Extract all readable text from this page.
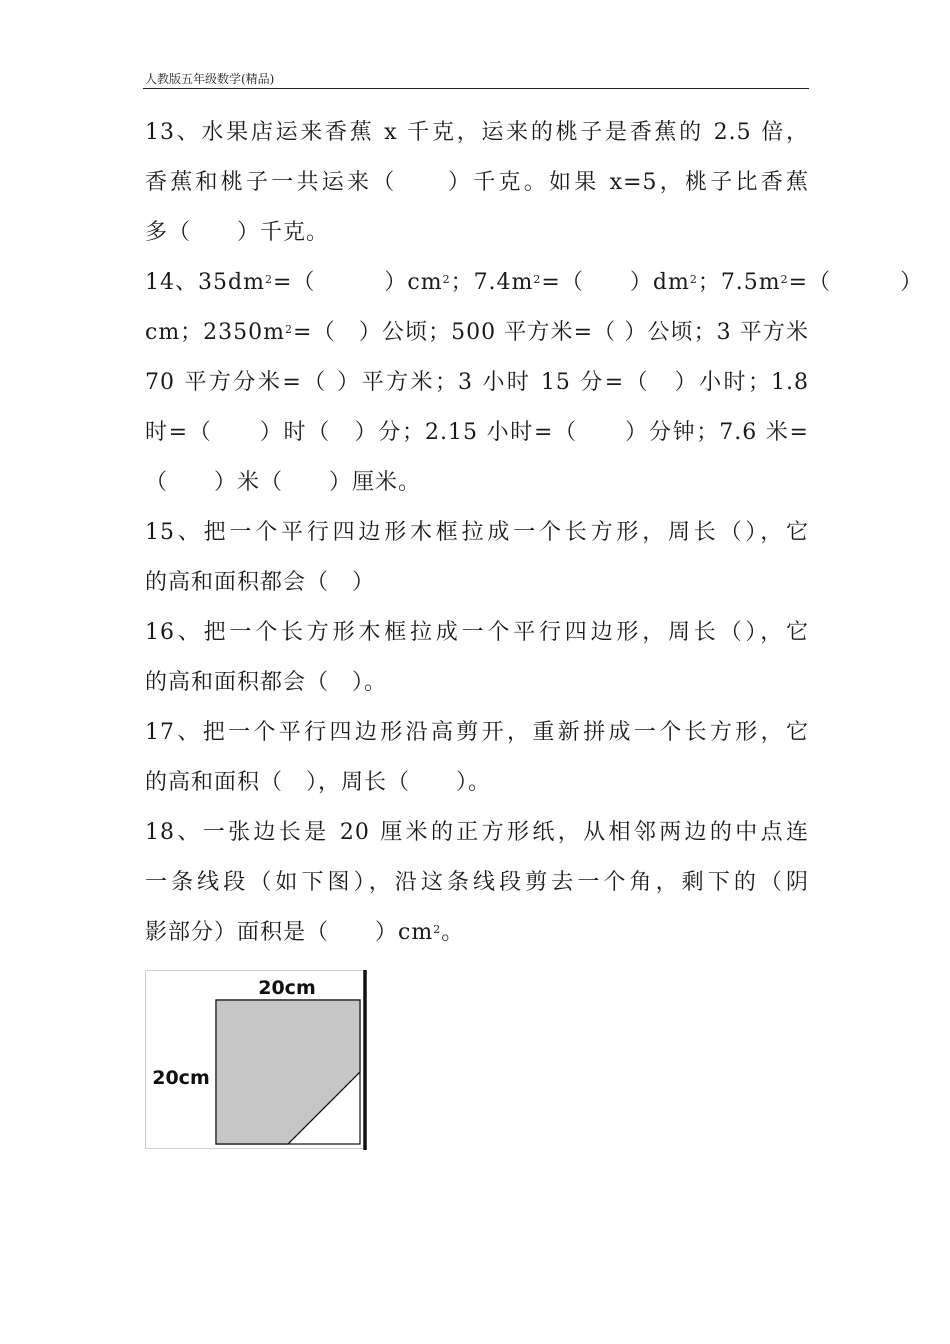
人教版五年级数学(精品)
13、水果店运来香蕉 x 千克，运来的桃子是香蕉的 2.5 倍，
香蕉和桃子一共运来（　　）千克。如果 x=5，桃子比香蕉
多（　　）千克。
14、$35dm^2=$（　　　）$cm^2$；$7.4m^2=$（　　）$dm^2$；$7.5m^2=$（　　　）
cm；$2350m^2=$（　）公顷；500 平方米=（ ）公顷；3 平方米
70 平方分米=（ ）平方米；3 小时 15 分=（　）小时；1.8
时=（　　）时（　）分；2.15 小时=（　　）分钟；7.6 米=
（　　）米（　　）厘米。
15、把一个平行四边形木框拉成一个长方形，周长（），它
的高和面积都会（　）
16、把一个长方形木框拉成一个平行四边形，周长（），它
的高和面积都会（　）。
17、把一个平行四边形沿高剪开，重新拼成一个长方形，它
的高和面积（　），周长（　　）。
18、一张边长是 20 厘米的正方形纸，从相邻两边的中点连
一条线段（如下图），沿这条线段剪去一个角，剩下的（阴
影部分）面积是（　　）$cm^2$。
20cm
20cm
